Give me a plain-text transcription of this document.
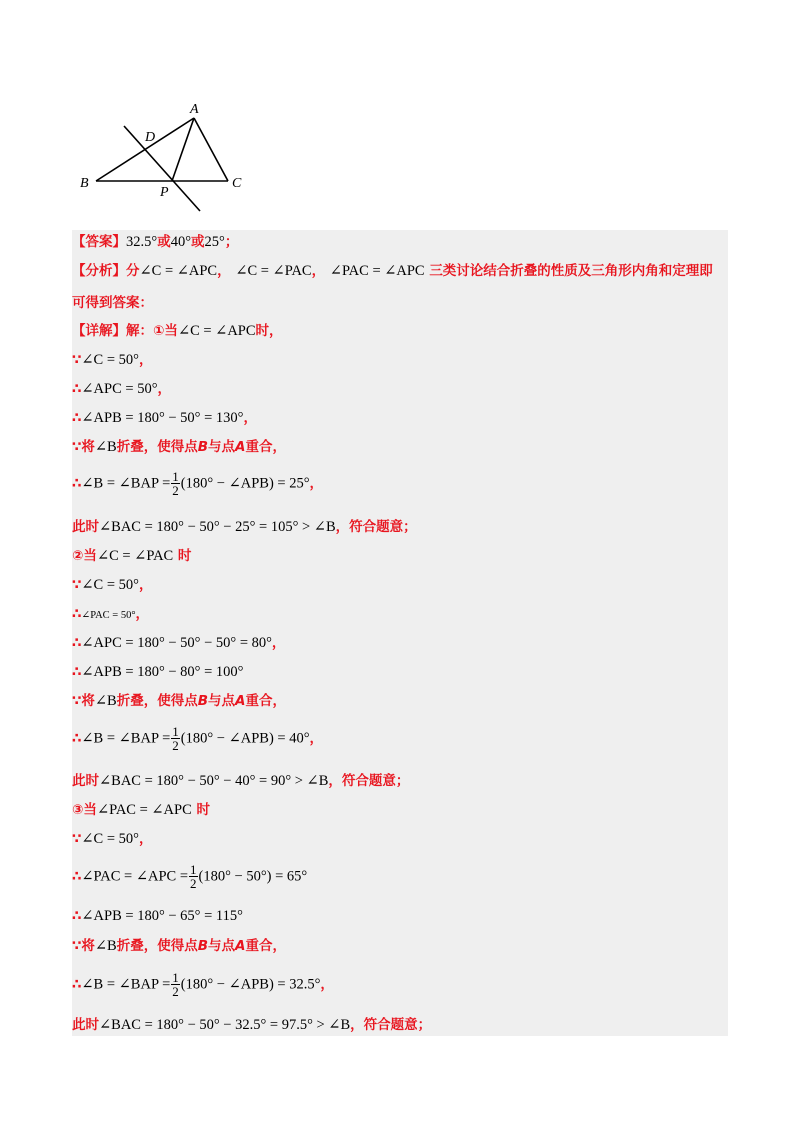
A
D
B
P
C
【答案】32.5°或40°或25°；
【分析】分∠C = ∠APC， ∠C = ∠PAC， ∠PAC = ∠APC 三类讨论结合折叠的性质及三角形内角和定理即
可得到答案：
【详解】解：①当∠C = ∠APC时，
∵∠C = 50°，
∴∠APC = 50°，
∴∠APB = 180° − 50° = 130°，
∵将∠B折叠，使得点B与点A重合，
∴∠B = ∠BAP = $\frac{1}{2} (180^\circ$ − ∠APB) = 25°，
此时∠BAC = 180° − 50° − 25° = 105° > ∠B，符合题意；
②当∠C = ∠PAC 时
∵∠C = 50°，
∴∠PAC = 50°，
∴∠APC = 180° − 50° − 50° = 80°，
∴∠APB = 180° − 80° = 100°
∵将∠B折叠，使得点B与点A重合，
∴∠B = ∠BAP = $\frac{1}{2} (180^\circ$ − ∠APB) = 40°，
此时∠BAC = 180° − 50° − 40° = 90° > ∠B，符合题意；
③当∠PAC = ∠APC 时
∵∠C = 50°，
∴∠PAC = ∠APC = $\frac{1}{2} (180^\circ - 50^\circ) = 65^\circ$
∴∠APB = 180° − 65° = 115°
∵将∠B折叠，使得点B与点A重合，
∴∠B = ∠BAP = $\frac{1}{2} (180^\circ$ − ∠APB) = 32.5°，
此时∠BAC = 180° − 50° − 32.5° = 97.5° > ∠B，符合题意；
